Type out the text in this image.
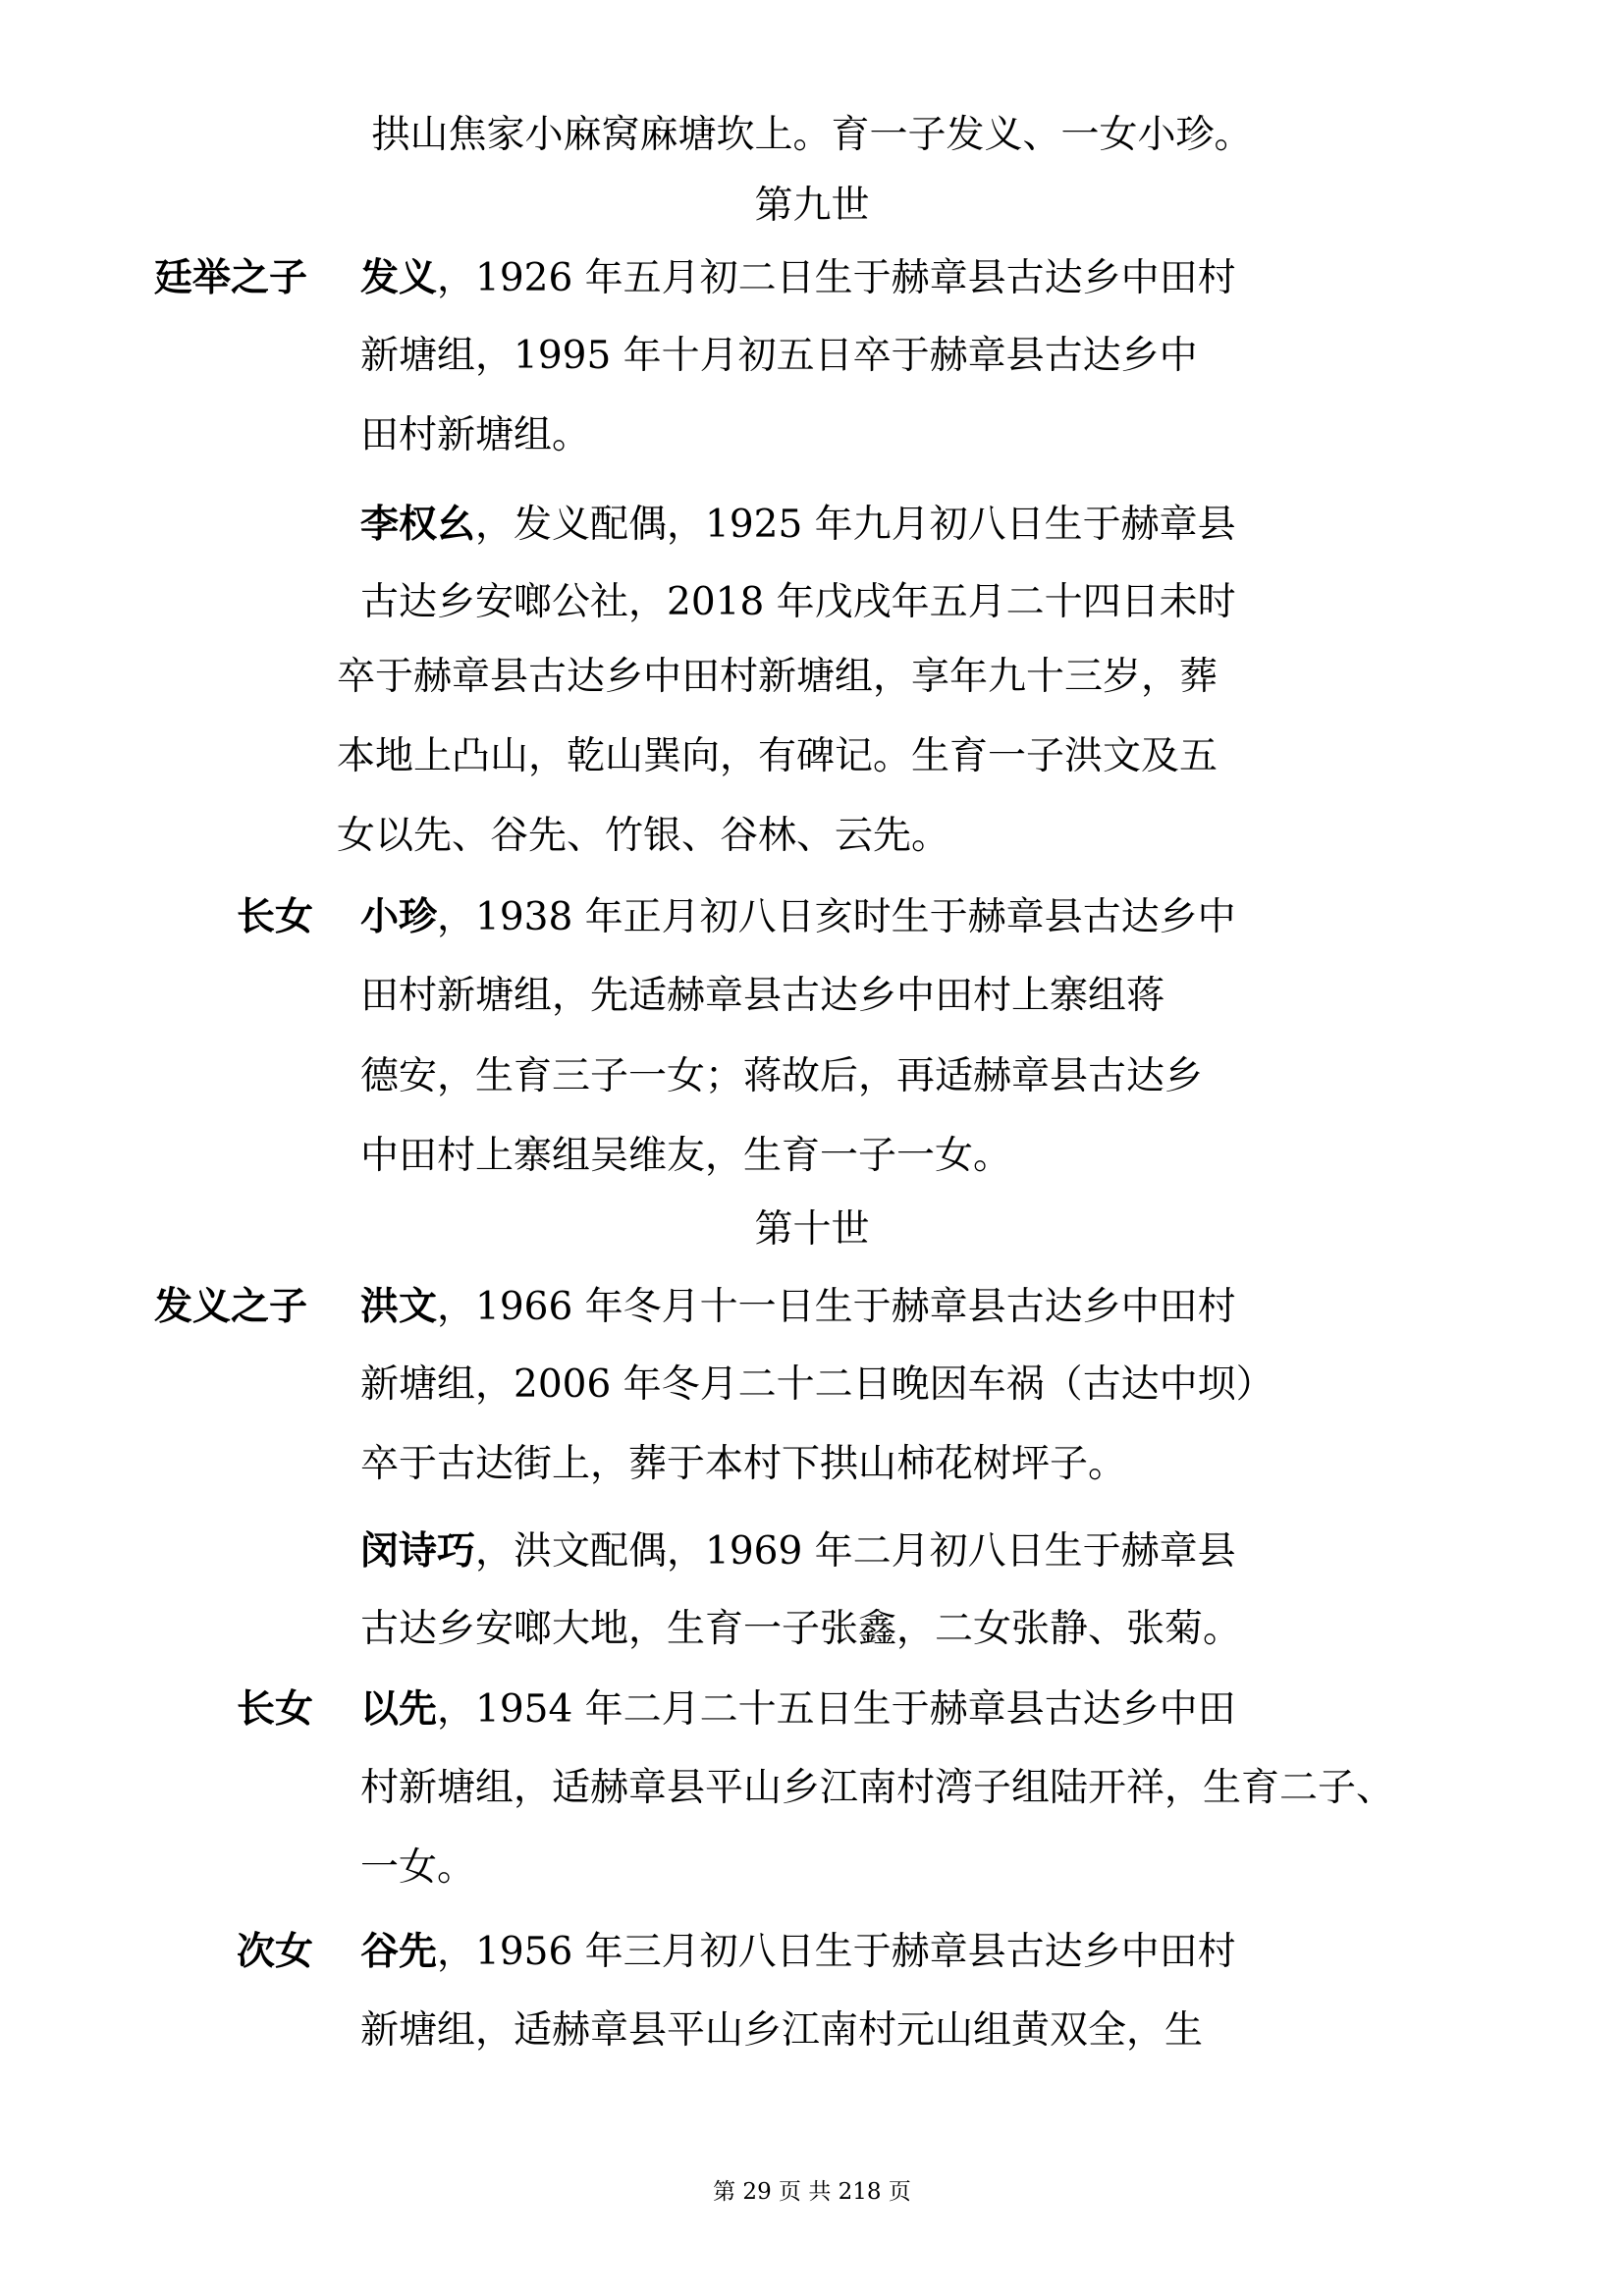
拱山焦家小麻窝麻塘坎上。育一子发义、一女小珍。
第九世
廷举之子 发义，1926 年五月初二日生于赫章县古达乡中田村
新塘组，1995 年十月初五日卒于赫章县古达乡中
田村新塘组。
李权幺，发义配偶，1925 年九月初八日生于赫章县
古达乡安啷公社，2018 年戊戌年五月二十四日未时
卒于赫章县古达乡中田村新塘组，享年九十三岁，葬
本地上凸山，乾山巽向，有碑记。生育一子洪文及五
女以先、谷先、竹银、谷林、云先。
长女 小珍，1938 年正月初八日亥时生于赫章县古达乡中
田村新塘组，先适赫章县古达乡中田村上寨组蒋
德安，生育三子一女；蒋故后，再适赫章县古达乡
中田村上寨组吴维友，生育一子一女。
第十世
发义之子 洪文，1966 年冬月十一日生于赫章县古达乡中田村
新塘组，2006 年冬月二十二日晚因车祸（古达中坝）
卒于古达街上，葬于本村下拱山柿花树坪子。
闵诗巧，洪文配偶，1969 年二月初八日生于赫章县
古达乡安啷大地，生育一子张鑫，二女张静、张菊。
长女 以先，1954 年二月二十五日生于赫章县古达乡中田
村新塘组，适赫章县平山乡江南村湾子组陆开祥，生育二子、
一女。
次女 谷先，1956 年三月初八日生于赫章县古达乡中田村
新塘组，适赫章县平山乡江南村元山组黄双全，生
第 29 页 共 218 页
